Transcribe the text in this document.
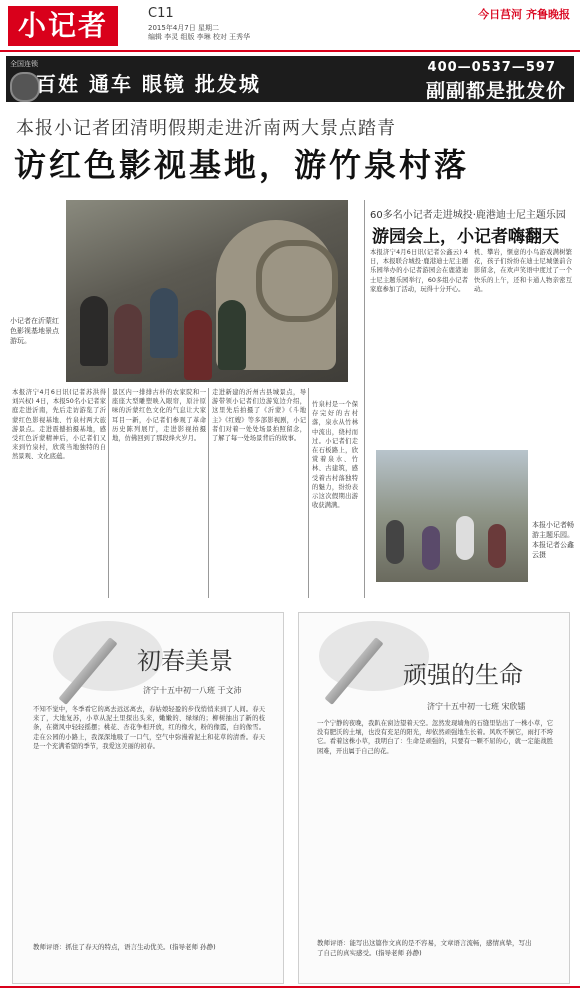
小记者	C11
2015年4月7日 星期二
编辑 李灵 组版 李琳 校对 王秀华
今日莒河 齐鲁晚报
全国连锁
百姓 通车 眼镜 批发城
400—0537—597
副副都是批发价
本报小记者团清明假期走进沂南两大景点踏青
访红色影视基地，游竹泉村落
小记者在沂蒙红色影视基地景点游玩。
60多名小记者走进城投·鹿港迪士尼主题乐园
游园会上，小记者嗨翻天
本报济宁4月6日讯(记者苏洪得 刘兴权) 4日，本报50名小记者家庭走进沂南，先后走访游览了沂蒙红色影视基地、竹泉村两大旅游景点。走进震撼拍摄基地，感受红色沂蒙精神后，小记者们又来到竹泉村，欣赏当地独特的自然景观、文化底蕴。
景区内一排排古朴的农家院和一座座大型雕塑映入眼帘，原汁原味的沂蒙红色文化的气息让大家耳目一新，小记者们参观了革命历史陈列展厅，走进影视拍摄地，仿佛回到了那段烽火岁月。
走进新建的沂州古县城景点，导游带领小记者们边游览边介绍，这里先后拍摄了《沂蒙》《斗地主》《红嫂》等多部影视剧，小记者们对着一处处场景拍照留念，了解了每一处场景背后的故事。
竹泉村是一个保存完好的古村落，泉水从竹林中流出，绕村而过。小记者们走在石板路上，欣赏着泉水、竹林、古建筑，感受着古村落独特的魅力，纷纷表示这次假期出游收获满满。
本报济宁4月6日讯(记者公鑫云) 4日，本报联合城投·鹿港迪士尼主题乐园举办的小记者游园会在鹿港迪士尼主题乐园举行，60多组小记者家庭参加了活动，玩得十分开心。
机、攀岩，惬意的小鸟游戏满树繁花，孩子们纷纷在迪士尼城堡前合影留念，在欢声笑语中度过了一个快乐的上午，还和卡通人物亲密互动。
本报小记者畅游主题乐园。本报记者公鑫云摄
初春美景
济宁十五中初一八班 于文沛
不知不觉中，冬季看它的离去远远离去，春姑娘轻盈的步伐悄悄来到了人间。春天来了，大地复苏，小草从泥土里探出头来，嫩嫩的、绿绿的；柳树抽出了新的枝条，在微风中轻轻摇摆；桃花、杏花争相开放，红的像火，粉的像霞，白的像雪。走在公园的小路上，我深深地吸了一口气，空气中弥漫着泥土和花草的清香。春天是一个充满希望的季节，我爱这美丽的初春。
教师评语：抓住了春天的特点，语言生动优美。(指导老师 孙静)
顽强的生命
济宁十五中初一七班 宋欣镭
一个宁静的夜晚，我趴在窗边望着天空。忽然发现墙角的石缝里钻出了一株小草，它没有肥沃的土壤，也没有充足的阳光，却依然顽强地生长着。风吹不倒它，雨打不垮它。看着这株小草，我明白了：生命是顽强的，只要有一颗不屈的心，就一定能战胜困难，开出属于自己的花。
教师评语：能写出这篇作文真的是不容易，文章语言流畅，感情真挚，写出了自己的真实感受。(指导老师 孙静)
